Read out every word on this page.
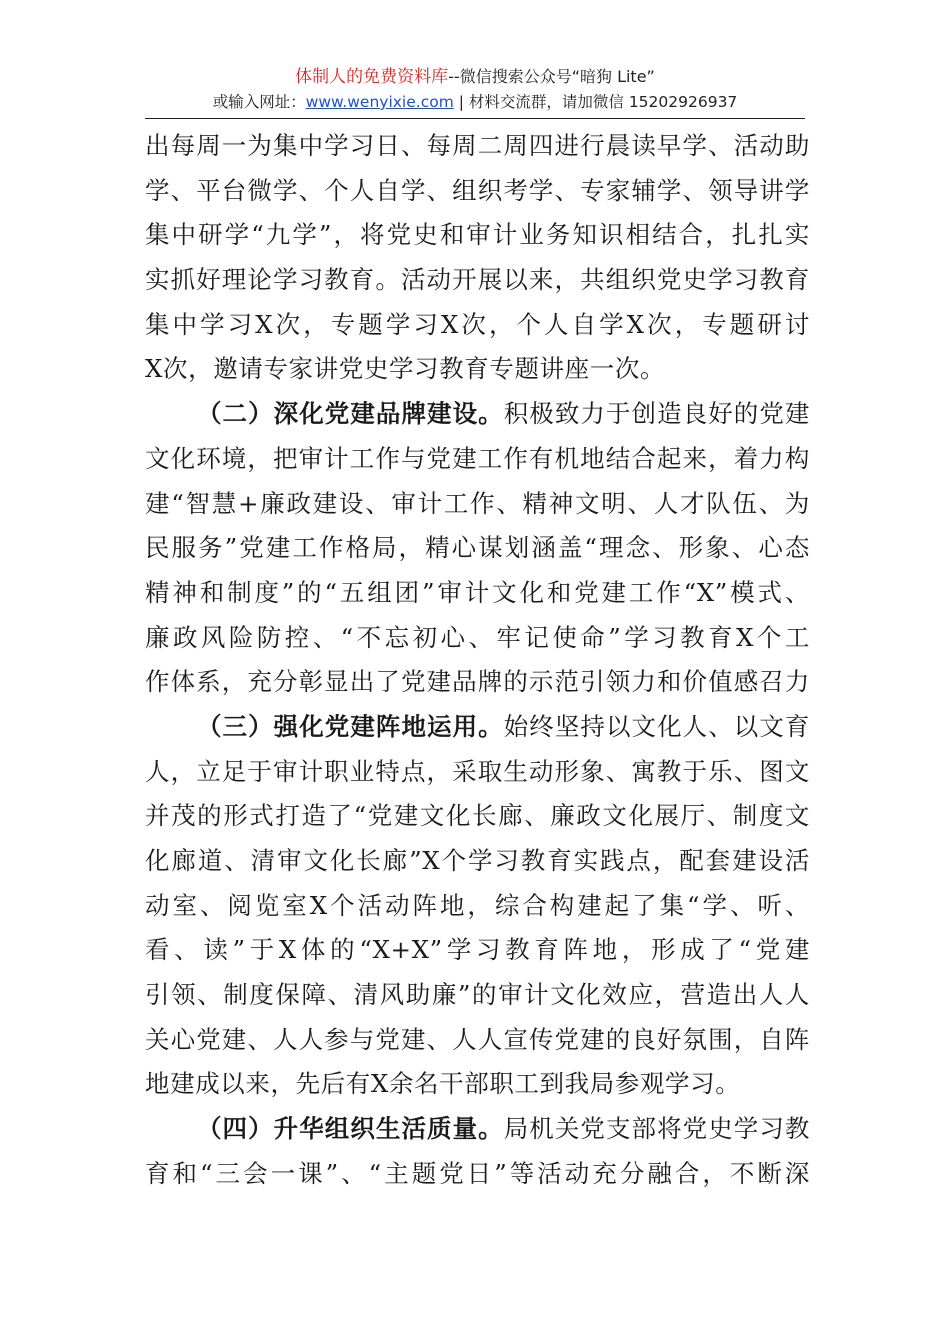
体制人的免费资料库--微信搜索公众号“暗狗 Lite”
或输入网址：www.wenyixie.com | 材料交流群，请加微信 15202926937
出每周一为集中学习日、每周二周四进行晨读早学、活动助
学、平台微学、个人自学、组织考学、专家辅学、领导讲学
集中研学“九学”，将党史和审计业务知识相结合，扎扎实
实抓好理论学习教育。活动开展以来，共组织党史学习教育
集中学习X次，专题学习X次，个人自学X次，专题研讨
X次，邀请专家讲党史学习教育专题讲座一次。
（二）深化党建品牌建设。积极致力于创造良好的党建
文化环境，把审计工作与党建工作有机地结合起来，着力构
建“智慧+廉政建设、审计工作、精神文明、人才队伍、为
民服务”党建工作格局，精心谋划涵盖“理念、形象、心态
精神和制度”的“五组团”审计文化和党建工作“X”模式、
廉政风险防控、“不忘初心、牢记使命”学习教育X个工
作体系，充分彰显出了党建品牌的示范引领力和价值感召力
（三）强化党建阵地运用。始终坚持以文化人、以文育
人，立足于审计职业特点，采取生动形象、寓教于乐、图文
并茂的形式打造了“党建文化长廊、廉政文化展厅、制度文
化廊道、清审文化长廊”X个学习教育实践点，配套建设活
动室、阅览室X个活动阵地，综合构建起了集“学、听、
看、读”于X体的“X+X”学习教育阵地，形成了“党建
引领、制度保障、清风助廉”的审计文化效应，营造出人人
关心党建、人人参与党建、人人宣传党建的良好氛围，自阵
地建成以来，先后有X余名干部职工到我局参观学习。
（四）升华组织生活质量。局机关党支部将党史学习教
育和“三会一课”、“主题党日”等活动充分融合，不断深
